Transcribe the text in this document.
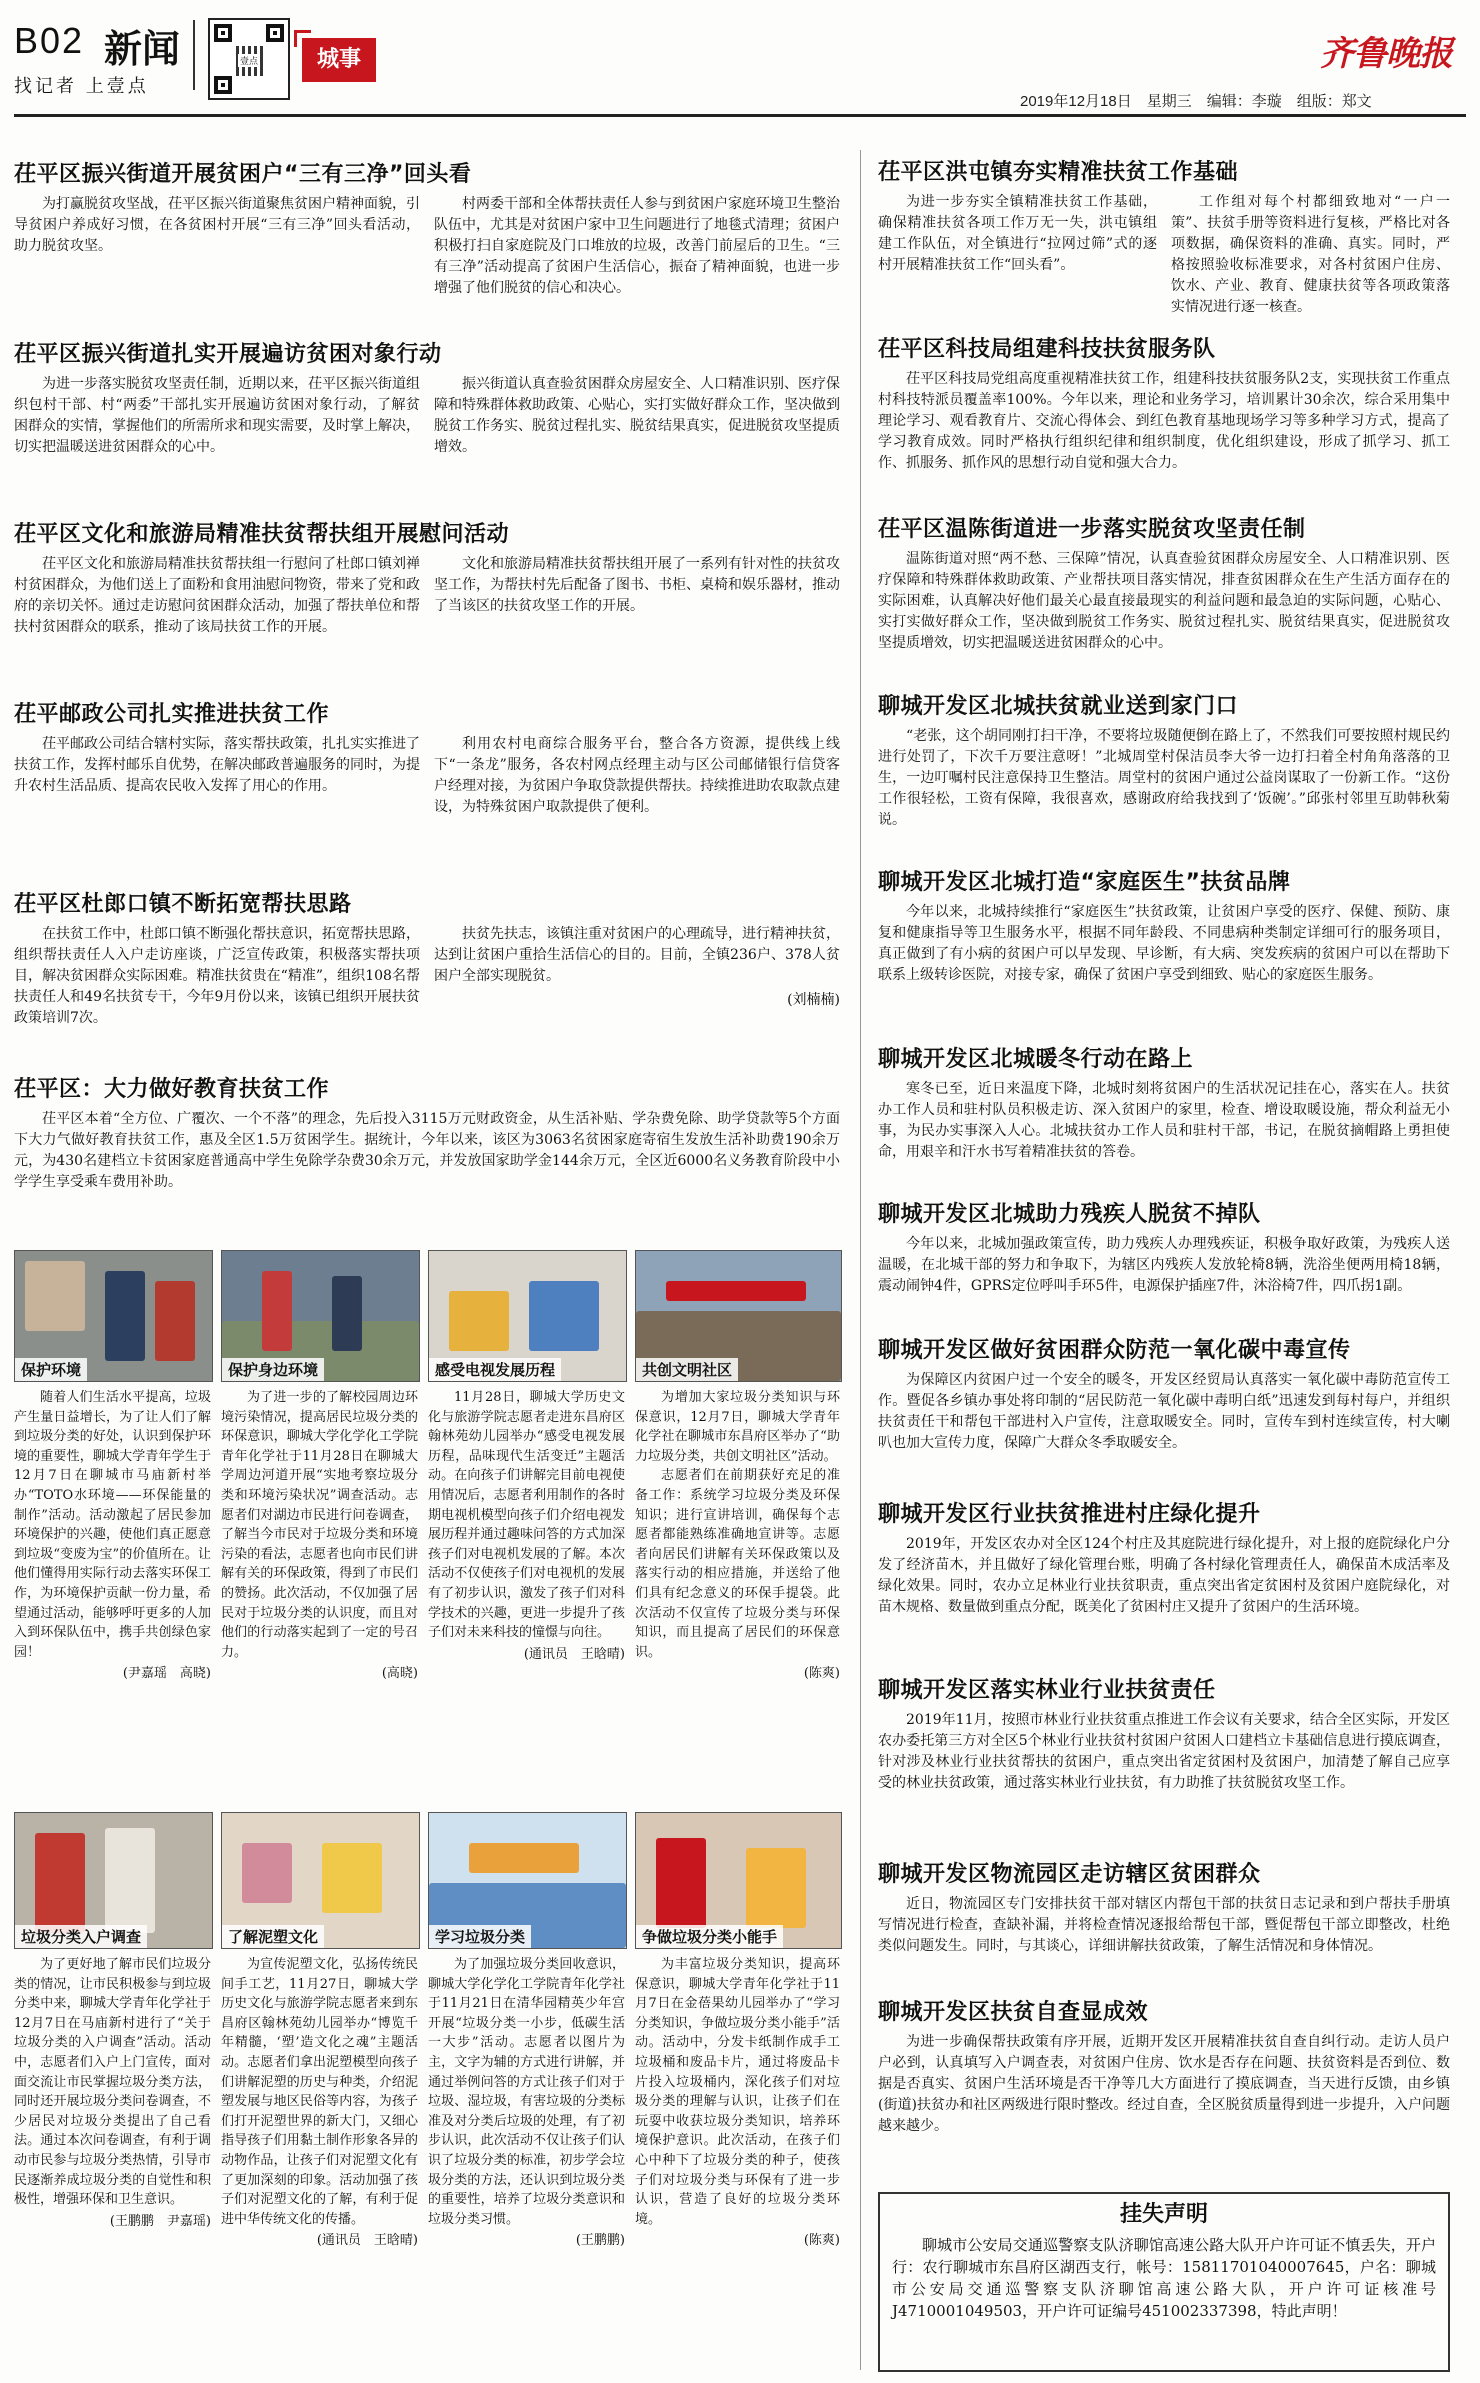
B02 新闻
找记者 上壹点
壹点	城事	齐鲁晚报
2019年12月18日　星期三　编辑：李璇　组版：郑文
茌平区振兴街道开展贫困户“三有三净”回头看

为打赢脱贫攻坚战，茌平区振兴街道聚焦贫困户精神面貌，引导贫困户养成好习惯，在各贫困村开展“三有三净”回头看活动，助力脱贫攻坚。

村两委干部和全体帮扶责任人参与到贫困户家庭环境卫生整治队伍中，尤其是对贫困户家中卫生问题进行了地毯式清理；贫困户积极打扫自家庭院及门口堆放的垃圾，改善门前屋后的卫生。“三有三净”活动提高了贫困户生活信心，振奋了精神面貌，也进一步增强了他们脱贫的信心和决心。

茌平区振兴街道扎实开展遍访贫困对象行动

为进一步落实脱贫攻坚责任制，近期以来，茌平区振兴街道组织包村干部、村“两委”干部扎实开展遍访贫困对象行动，了解贫困群众的实情，掌握他们的所需所求和现实需要，及时掌上解决，切实把温暖送进贫困群众的心中。

振兴街道认真查验贫困群众房屋安全、人口精准识别、医疗保障和特殊群体救助政策、心贴心，实打实做好群众工作，坚决做到脱贫工作务实、脱贫过程扎实、脱贫结果真实，促进脱贫攻坚提质增效。

茌平区文化和旅游局精准扶贫帮扶组开展慰问活动

茌平区文化和旅游局精准扶贫帮扶组一行慰问了杜郎口镇刘禅村贫困群众，为他们送上了面粉和食用油慰问物资，带来了党和政府的亲切关怀。通过走访慰问贫困群众活动，加强了帮扶单位和帮扶村贫困群众的联系，推动了该局扶贫工作的开展。

文化和旅游局精准扶贫帮扶组开展了一系列有针对性的扶贫攻坚工作，为帮扶村先后配备了图书、书柜、桌椅和娱乐器材，推动了当该区的扶贫攻坚工作的开展。

茌平邮政公司扎实推进扶贫工作

茌平邮政公司结合辖村实际，落实帮扶政策，扎扎实实推进了扶贫工作，发挥村邮乐自优势，在解决邮政普遍服务的同时，为提升农村生活品质、提高农民收入发挥了用心的作用。

利用农村电商综合服务平台，整合各方资源，提供线上线下“一条龙”服务，各农村网点经理主动与区公司邮储银行信贷客户经理对接，为贫困户争取贷款提供帮扶。持续推进助农取款点建设，为特殊贫困户取款提供了便利。

茌平区杜郎口镇不断拓宽帮扶思路

在扶贫工作中，杜郎口镇不断强化帮扶意识，拓宽帮扶思路，组织帮扶责任人入户走访座谈，广泛宣传政策，积极落实帮扶项目，解决贫困群众实际困难。精准扶贫贵在“精准”，组织108名帮扶责任人和49名扶贫专干，今年9月份以来，该镇已组织开展扶贫政策培训7次。

扶贫先扶志，该镇注重对贫困户的心理疏导，进行精神扶贫，达到让贫困户重拾生活信心的目的。目前，全镇236户、378人贫困户全部实现脱贫。

(刘楠楠)
茌平区：大力做好教育扶贫工作

茌平区本着“全方位、广覆次、一个不落”的理念，先后投入3115万元财政资金，从生活补贴、学杂费免除、助学贷款等5个方面下大力气做好教育扶贫工作，惠及全区1.5万贫困学生。据统计，今年以来，该区为3063名贫困家庭寄宿生发放生活补助费190余万元，为430名建档立卡贫困家庭普通高中学生免除学杂费30余万元，并发放国家助学金144余万元，全区近6000名义务教育阶段中小学学生享受乘车费用补助。

保护环境	保护身边环境	感受电视发展历程	共创文明社区

随着人们生活水平提高，垃圾产生量日益增长，为了让人们了解到垃圾分类的好处，认识到保护环境的重要性，聊城大学青年学生于12月7日在聊城市马庙新村举办“TOTO水环境——环保能量的制作”活动。活动激起了居民参加环境保护的兴趣，使他们真正愿意到垃圾“变废为宝”的价值所在。让他们懂得用实际行动去落实环保工作，为环境保护贡献一份力量，希望通过活动，能够呼吁更多的人加入到环保队伍中，携手共创绿色家园！

(尹嘉瑶　高晓)

为了进一步的了解校园周边环境污染情况，提高居民垃圾分类的环保意识，聊城大学化学化工学院青年化学社于11月28日在聊城大学周边河道开展“实地考察垃圾分类和环境污染状况”调查活动。志愿者们对湖边市民进行问卷调查，了解当今市民对于垃圾分类和环境污染的看法，志愿者也向市民们讲解有关的环保政策，得到了市民们的赞扬。此次活动，不仅加强了居民对于垃圾分类的认识度，而且对他们的行动落实起到了一定的号召力。

(高晓)

11月28日，聊城大学历史文化与旅游学院志愿者走进东昌府区翰林苑幼儿园举办“感受电视发展历程，品味现代生活变迁”主题活动。在向孩子们讲解完目前电视使用情况后，志愿者利用制作的各时期电视机模型向孩子们介绍电视发展历程并通过趣味问答的方式加深孩子们对电视机发展的了解。本次活动不仅使孩子们对电视机的发展有了初步认识，激发了孩子们对科学技术的兴趣，更进一步提升了孩子们对未来科技的憧憬与向往。

(通讯员　王晗晴)

为增加大家垃圾分类知识与环保意识，12月7日，聊城大学青年化学社在聊城市东昌府区举办了“助力垃圾分类，共创文明社区”活动。

志愿者们在前期获好充足的准备工作：系统学习垃圾分类及环保知识；进行宣讲培训，确保每个志愿者都能熟练准确地宣讲等。志愿者向居民们讲解有关环保政策以及落实行动的相应措施，并送给了他们具有纪念意义的环保手提袋。此次活动不仅宣传了垃圾分类与环保知识，而且提高了居民们的环保意识。

(陈爽)

垃圾分类入户调查	了解泥塑文化	学习垃圾分类	争做垃圾分类小能手

为了更好地了解市民们垃圾分类的情况，让市民积极参与到垃圾分类中来，聊城大学青年化学社于12月7日在马庙新村进行了“关于垃圾分类的入户调查”活动。活动中，志愿者们入户上门宣传，面对面交流让市民掌握垃圾分类方法，同时还开展垃圾分类问卷调查，不少居民对垃圾分类提出了自己看法。通过本次问卷调查，有利于调动市民参与垃圾分类热情，引导市民逐渐养成垃圾分类的自觉性和积极性，增强环保和卫生意识。

(王鹏鹏　尹嘉瑶)

为宣传泥塑文化，弘扬传统民间手工艺，11月27日，聊城大学历史文化与旅游学院志愿者来到东昌府区翰林苑幼儿园举办“博览千年精髓，‘塑’造文化之魂”主题活动。志愿者们拿出泥塑模型向孩子们讲解泥塑的历史与种类，介绍泥塑发展与地区民俗等内容，为孩子们打开泥塑世界的新大门，又细心指导孩子们用黏土制作形象各异的动物作品，让孩子们对泥塑文化有了更加深刻的印象。活动加强了孩子们对泥塑文化的了解，有利于促进中华传统文化的传播。

(通讯员　王晗晴)

为了加强垃圾分类回收意识，聊城大学化学化工学院青年化学社于11月21日在清华园精英少年宫开展“垃圾分类一小步，低碳生活一大步”活动。志愿者以图片为主，文字为辅的方式进行讲解，并通过举例问答的方式让孩子们对于垃圾、湿垃圾，有害垃圾的分类标准及对分类后垃圾的处理，有了初步认识，此次活动不仅让孩子们认识了垃圾分类的标准，初步学会垃圾分类的方法，还认识到垃圾分类的重要性，培养了垃圾分类意识和垃圾分类习惯。

(王鹏鹏)

为丰富垃圾分类知识，提高环保意识，聊城大学青年化学社于11月7日在金蓓果幼儿园举办了“学习分类知识，争做垃圾分类小能手”活动。活动中，分发卡纸制作成手工垃圾桶和废品卡片，通过将废品卡片投入垃圾桶内，深化孩子们对垃圾分类的理解与认识，让孩子们在玩耍中收获垃圾分类知识，培养环境保护意识。此次活动，在孩子们心中种下了垃圾分类的种子，使孩子们对垃圾分类与环保有了进一步认识，营造了良好的垃圾分类环境。

(陈爽)

茌平区洪屯镇夯实精准扶贫工作基础

为进一步夯实全镇精准扶贫工作基础，确保精准扶贫各项工作万无一失，洪屯镇组建工作队伍，对全镇进行“拉网过筛”式的逐村开展精准扶贫工作“回头看”。

工作组对每个村都细致地对“一户一策”、扶贫手册等资料进行复核，严格比对各项数据，确保资料的准确、真实。同时，严格按照验收标准要求，对各村贫困户住房、饮水、产业、教育、健康扶贫等各项政策落实情况进行逐一核查。

茌平区科技局组建科技扶贫服务队

茌平区科技局党组高度重视精准扶贫工作，组建科技扶贫服务队2支，实现扶贫工作重点村科技特派员覆盖率100%。今年以来，理论和业务学习，培训累计30余次，综合采用集中理论学习、观看教育片、交流心得体会、到红色教育基地现场学习等多种学习方式，提高了学习教育成效。同时严格执行组织纪律和组织制度，优化组织建设，形成了抓学习、抓工作、抓服务、抓作风的思想行动自觉和强大合力。

茌平区温陈街道进一步落实脱贫攻坚责任制

温陈街道对照“两不愁、三保障”情况，认真查验贫困群众房屋安全、人口精准识别、医疗保障和特殊群体救助政策、产业帮扶项目落实情况，排查贫困群众在生产生活方面存在的实际困难，认真解决好他们最关心最直接最现实的利益问题和最急迫的实际问题，心贴心、实打实做好群众工作，坚决做到脱贫工作务实、脱贫过程扎实、脱贫结果真实，促进脱贫攻坚提质增效，切实把温暖送进贫困群众的心中。

聊城开发区北城扶贫就业送到家门口

“老张，这个胡同刚打扫干净，不要将垃圾随便倒在路上了，不然我们可要按照村规民约进行处罚了，下次千万要注意呀！”北城周堂村保洁员李大爷一边打扫着全村角角落落的卫生，一边叮嘱村民注意保持卫生整洁。周堂村的贫困户通过公益岗谋取了一份新工作。“这份工作很轻松，工资有保障，我很喜欢，感谢政府给我找到了‘饭碗’。”邱张村邻里互助韩秋菊说。

聊城开发区北城打造“家庭医生”扶贫品牌

今年以来，北城持续推行“家庭医生”扶贫政策，让贫困户享受的医疗、保健、预防、康复和健康指导等卫生服务水平，根据不同年龄段、不同患病种类制定详细可行的服务项目，真正做到了有小病的贫困户可以早发现、早诊断，有大病、突发疾病的贫困户可以在帮助下联系上级转诊医院，对接专家，确保了贫困户享受到细致、贴心的家庭医生服务。

聊城开发区北城暖冬行动在路上

寒冬已至，近日来温度下降，北城时刻将贫困户的生活状况记挂在心，落实在人。扶贫办工作人员和驻村队员积极走访、深入贫困户的家里，检查、增设取暖设施，帮众利益无小事，为民办实事深入人心。北城扶贫办工作人员和驻村干部，书记，在脱贫摘帽路上勇担使命，用艰辛和汗水书写着精准扶贫的答卷。

聊城开发区北城助力残疾人脱贫不掉队

今年以来，北城加强政策宣传，助力残疾人办理残疾证，积极争取好政策，为残疾人送温暖，在北城干部的努力和争取下，为辖区内残疾人发放轮椅8辆，洗浴坐便两用椅18辆，震动闹钟4件，GPRS定位呼叫手环5件，电源保护插座7件，沐浴椅7件，四爪拐1副。

聊城开发区做好贫困群众防范一氧化碳中毒宣传

为保障区内贫困户过一个安全的暖冬，开发区经贸局认真落实一氧化碳中毒防范宣传工作。暨促各乡镇办事处将印制的“居民防范一氧化碳中毒明白纸”迅速发到每村每户，并组织扶贫责任干和帮包干部进村入户宣传，注意取暖安全。同时，宣传车到村连续宣传，村大喇叭也加大宣传力度，保障广大群众冬季取暖安全。

聊城开发区行业扶贫推进村庄绿化提升

2019年，开发区农办对全区124个村庄及其庭院进行绿化提升，对上报的庭院绿化户分发了经济苗木，并且做好了绿化管理台账，明确了各村绿化管理责任人，确保苗木成活率及绿化效果。同时，农办立足林业行业扶贫职责，重点突出省定贫困村及贫困户庭院绿化，对苗木规格、数量做到重点分配，既美化了贫困村庄又提升了贫困户的生活环境。

聊城开发区落实林业行业扶贫责任

2019年11月，按照市林业行业扶贫重点推进工作会议有关要求，结合全区实际，开发区农办委托第三方对全区5个林业行业扶贫村贫困户贫困人口建档立卡基础信息进行摸底调查，针对涉及林业行业扶贫帮扶的贫困户，重点突出省定贫困村及贫困户，加清楚了解自己应享受的林业扶贫政策，通过落实林业行业扶贫，有力助推了扶贫脱贫攻坚工作。

聊城开发区物流园区走访辖区贫困群众

近日，物流园区专门安排扶贫干部对辖区内帮包干部的扶贫日志记录和到户帮扶手册填写情况进行检查，查缺补漏，并将检查情况逐报给帮包干部，暨促帮包干部立即整改，杜绝类似问题发生。同时，与其谈心，详细讲解扶贫政策，了解生活情况和身体情况。

聊城开发区扶贫自查显成效

为进一步确保帮扶政策有序开展，近期开发区开展精准扶贫自查自纠行动。走访人员户户必到，认真填写入户调查表，对贫困户住房、饮水是否存在问题、扶贫资料是否到位、数据是否真实、贫困户生活环境是否干净等几大方面进行了摸底调查，当天进行反馈，由乡镇(街道)扶贫办和社区两级进行限时整改。经过自查，全区脱贫质量得到进一步提升，入户问题越来越少。

挂失声明

聊城市公安局交通巡警察支队济聊馆高速公路大队开户许可证不慎丢失，开户行：农行聊城市东昌府区湖西支行，帐号：15811701040007645，户名：聊城市公安局交通巡警察支队济聊馆高速公路大队，开户许可证核准号J4710001049503，开户许可证编号451002337398，特此声明！
